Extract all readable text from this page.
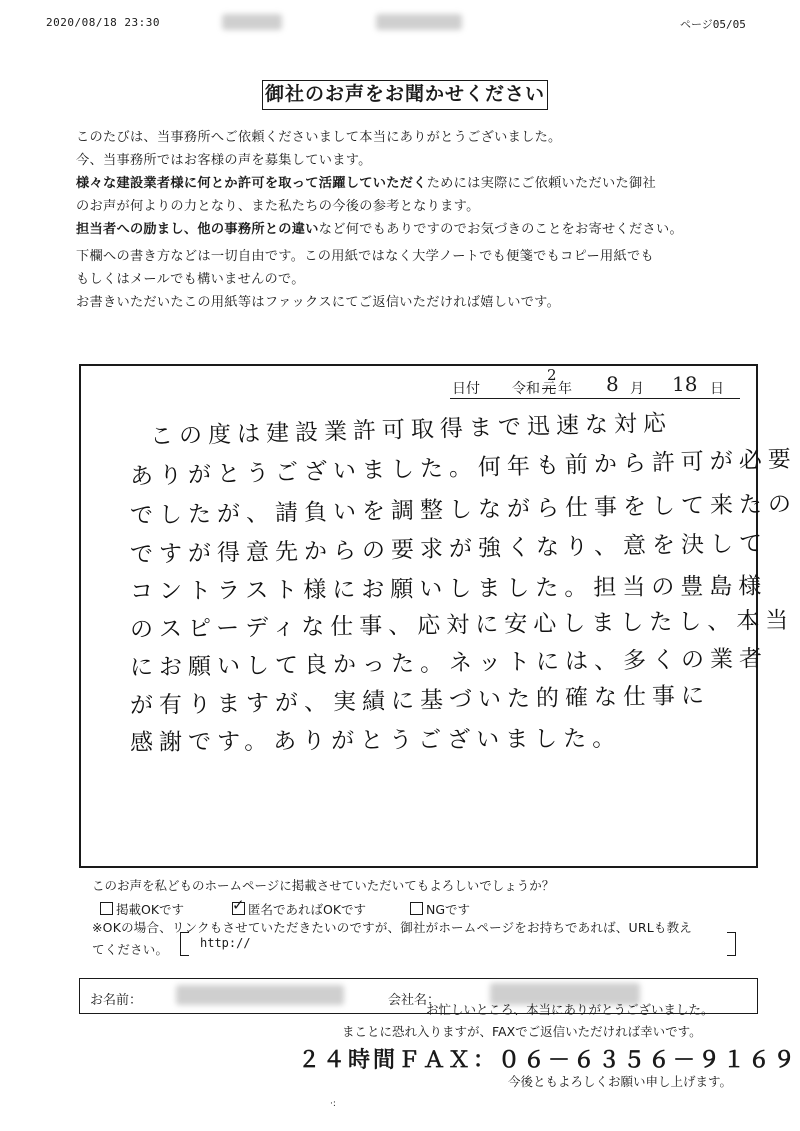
2020/08/18 23:30	ページ05/05
御社のお声をお聞かせください
このたびは、当事務所へご依頼くださいまして本当にありがとうございました。
今、当事務所ではお客様の声を募集しています。
様々な建設業者様に何とか許可を取って活躍していただくためには実際にご依頼いただいた御社
のお声が何よりの力となり、また私たちの今後の参考となります。
担当者への励まし、他の事務所との違いなど何でもありですのでお気づきのことをお寄せください。
下欄への書き方などは一切自由です。この用紙ではなく大学ノートでも便箋でもコピー用紙でも
もしくはメールでも構いませんので。
お書きいただいたこの用紙等はファックスにてご返信いただければ嬉しいです。
日付 令和 元
2
年 8 月 18 日
この度は建設業許可取得まで迅速な対応
ありがとうございました。何年も前から許可が必要
でしたが、請負いを調整しながら仕事をして来たの
ですが得意先からの要求が強くなり、意を決して
コントラスト様にお願いしました。担当の豊島様
のスピーディな仕事、応対に安心しましたし、本当
にお願いして良かった。ネットには、多くの業者
が有りますが、実績に基づいた的確な仕事に
感謝です。ありがとうございました。
このお声を私どものホームページに掲載させていただいてもよろしいでしょうか？
掲載OKです	✓ 匿名であればOKです	NGです
※OKの場合、リンクもさせていただきたいのですが、御社がホームページをお持ちであれば、URLも教え
てください。	http://
お名前：	会社名：
お忙しいところ、本当にありがとうございました。
まことに恐れ入りますが、FAXでご返信いただければ幸いです。
２４時間ＦＡＸ：０６－６３５６－９１６９
今後ともよろしくお願い申し上げます。
·:
